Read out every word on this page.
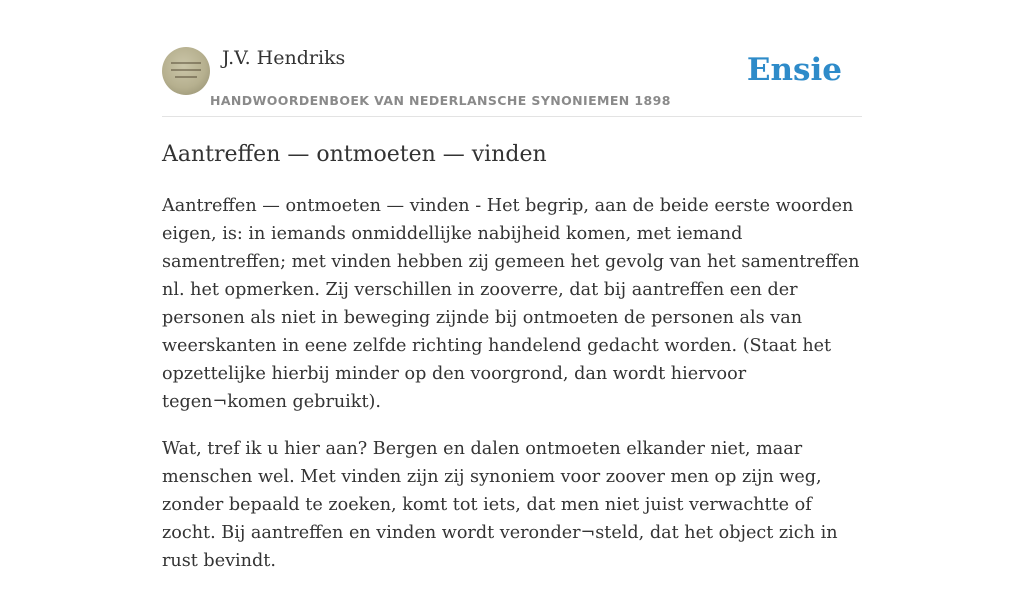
J.V. Hendriks
HANDWOORDENBOEK VAN NEDERLANSCHE SYNONIEMEN 1898
Ensie
Aantreffen — ontmoeten — vinden

Aantreffen — ontmoeten — vinden - Het begrip, aan de beide eerste woorden eigen, is: in iemands onmiddellijke nabijheid komen, met iemand samentreffen; met vinden hebben zij gemeen het gevolg van het samentreffen nl. het opmerken. Zij verschillen in zooverre, dat bij aantreffen een der personen als niet in beweging zijnde bij ontmoeten de personen als van weerskanten in eene zelfde richting handelend gedacht worden. (Staat het opzettelijke hierbij minder op den voorgrond, dan wordt hiervoor tegen¬komen gebruikt).

Wat, tref ik u hier aan? Bergen en dalen ontmoeten elkander niet, maar menschen wel. Met vinden zijn zij synoniem voor zoover men op zijn weg, zonder bepaald te zoeken, komt tot iets, dat men niet juist verwachtte of zocht. Bij aantreffen en vinden wordt veronder¬steld, dat het object zich in rust bevindt.
